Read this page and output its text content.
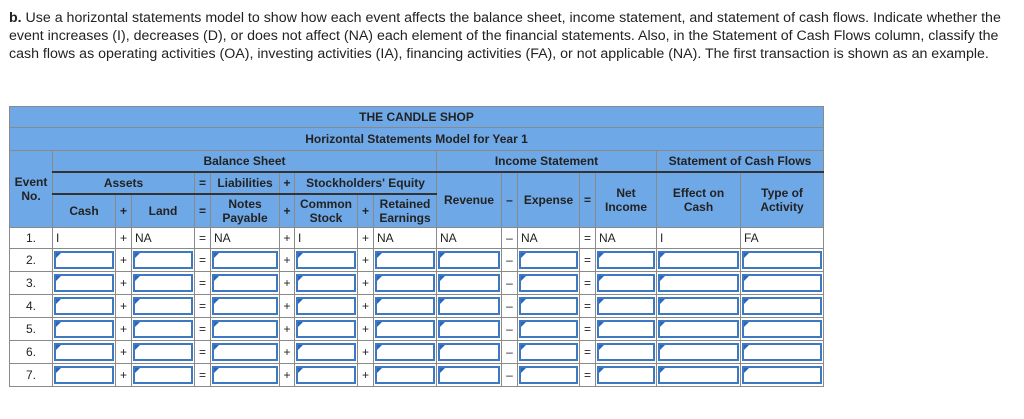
b. Use a horizontal statements model to show how each event affects the balance sheet, income statement, and statement of cash flows. Indicate whether the event increases (I), decreases (D), or does not affect (NA) each element of the financial statements. Also, in the Statement of Cash Flows column, classify the cash flows as operating activities (OA), investing activities (IA), financing activities (FA), or not applicable (NA). The first transaction is shown as an example.

THE CANDLE SHOP																
Horizontal Statements Model for Year 1																
Event No.	Balance Sheet									Income Statement					Statement of Cash Flows	
	Assets			=	Liabilities	+	Stockholders' Equity			Revenue	–	Expense	=	Net Income	Effect on Cash	Type of Activity
	Cash	+	Land	=	Notes Payable	+	Common Stock	+	Retained Earnings							
1.	I	+	NA	=	NA	+	I	+	NA	NA	–	NA	=	NA	I	FA
2.		+		=		+		+			–		=	

3.		+		=		+		+			–		=	

4.		+		=		+		+			–		=	

5.		+		=		+		+			–		=	

6.		+		=		+		+			–		=	

7.		+		=		+		+			–		=	
